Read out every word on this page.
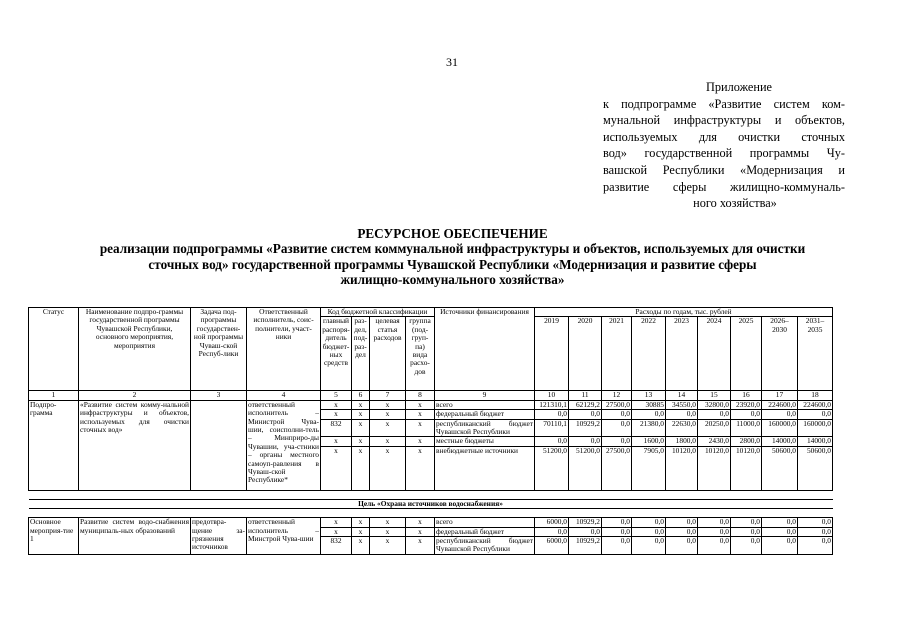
31
Приложение
к подпрограмме «Развитие систем ком-
мунальной инфраструктуры и объектов,
используемых для очистки сточных
вод» государственной программы Чу-
вашской Республики «Модернизация и
развитие сферы жилищно-коммуналь-
ного хозяйства»
РЕСУРСНОЕ ОБЕСПЕЧЕНИЕ
реализации подпрограммы «Развитие систем коммунальной инфраструктуры и объектов, используемых для очистки
сточных вод» государственной программы Чувашской Республики «Модернизация и развитие сферы
жилищно-коммунального хозяйства»
Статус	Наименование подпро-граммы государственной программы Чувашской Республики, основного мероприятия, мероприятия	Задача под-программы государствен-ной программы Чуваш-ской Респуб-лики	Ответственный исполнитель, соис-полнители, участ-ники	Код бюджетной классификации				Источники финансирования	Расходы по годам, тыс. рублей								
				главный распоря-дитель бюджет-ных средств	раз-дел, под-раз-дел	целевая статья расходов	группа (под-груп-па) вида расхо-дов		2019	2020	2021	2022	2023	2024	2025	2026–2030	2031–2035
1	2	3	4	5	6	7	8	9	10	11	12	13	14	15	16	17	18
Подпро-грамма	«Развитие систем комму-нальной инфраструктуры и объектов, используемых для очистки сточных вод»		ответственный исполнитель – Министрой Чува-шии, соисполни-тель – Минприро-ды Чувашии, уча-стники – органы местного самоуп-равления в Чуваш-ской Республике*	x	x	x	x	всего	121310,1	62129,2	27500,0	30885	34550,0	32800,0	23920,0	224600,0	224600,0
				x	x	x	x	федеральный бюджет	0,0	0,0	0,0	0,0	0,0	0,0	0,0	0,0	0,0
				832	x	x	x	республиканский бюджет Чувашской Республики	70110,1	10929,2	0,0	21380,0	22630,0	20250,0	11000,0	160000,0	160000,0
				x	x	x	x	местные бюджеты	0,0	0,0	0,0	1600,0	1800,0	2430,0	2800,0	14000,0	14000,0
				x	x	x	x	внебюджетные источники	51200,0	51200,0	27500,0	7905,0	10120,0	10120,0	10120,0	50600,0	50600,0

Цель «Охрана источников водоснабжения»																	

Основное мероприя-тие 1	Развитие систем водо-снабжения муниципаль-ных образований	предотвра-щение за-грязнения источников	ответственный исполнитель – Минстрой Чува-шии	x	x	x	x	всего	6000,0	10929,2	0,0	0,0	0,0	0,0	0,0	0,0	0,0
				x	x	x	x	федеральный бюджет	0,0	0,0	0,0	0,0	0,0	0,0	0,0	0,0	0,0
				832	x	x	x	республиканский бюджет Чувашской Республики	6000,0	10929,2	0,0	0,0	0,0	0,0	0,0	0,0	0,0
